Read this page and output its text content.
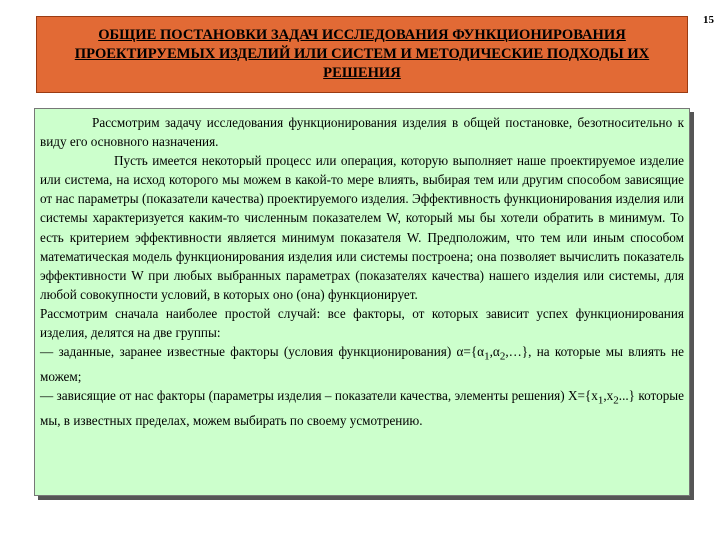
15

ОБЩИЕ ПОСТАНОВКИ ЗАДАЧ ИССЛЕДОВАНИЯ ФУНКЦИОНИРОВАНИЯ ПРОЕКТИРУЕМЫХ ИЗДЕЛИЙ ИЛИ СИСТЕМ И МЕТОДИЧЕСКИЕ ПОДХОДЫ ИХ РЕШЕНИЯ

Рассмотрим задачу исследования функционирования изделия в общей постановке, безотносительно к виду его основного назначения.

Пусть имеется некоторый процесс или операция, которую выполняет наше проектируемое изделие или система, на исход которого мы можем в какой-то мере влиять, выбирая тем или другим способом зависящие от нас параметры (показатели качества) проектируемого изделия. Эффективность функционирования изделия или системы характеризуется каким-то численным показателем W, который мы бы хотели обратить в минимум. То есть критерием эффективности является минимум показателя W. Предположим, что тем или иным способом математическая модель функционирования изделия или системы построена; она позволяет вычислить показатель эффективности W при любых выбранных параметрах (показателях качества) нашего изделия или системы, для любой совокупности условий, в которых оно (она) функционирует.

Рассмотрим сначала наиболее простой случай: все факторы, от которых зависит успех функционирования изделия, делятся на две группы:

— заданные, заранее известные факторы (условия функционирования) $\alpha=\{\alpha_1,\alpha_2,\dots\}$, на которые мы влиять не можем;

— зависящие от нас факторы (параметры изделия – показатели качества, элементы решения) $X=\{x_1,x_2...\}$ которые мы, в известных пределах, можем выбирать по своему усмотрению.
